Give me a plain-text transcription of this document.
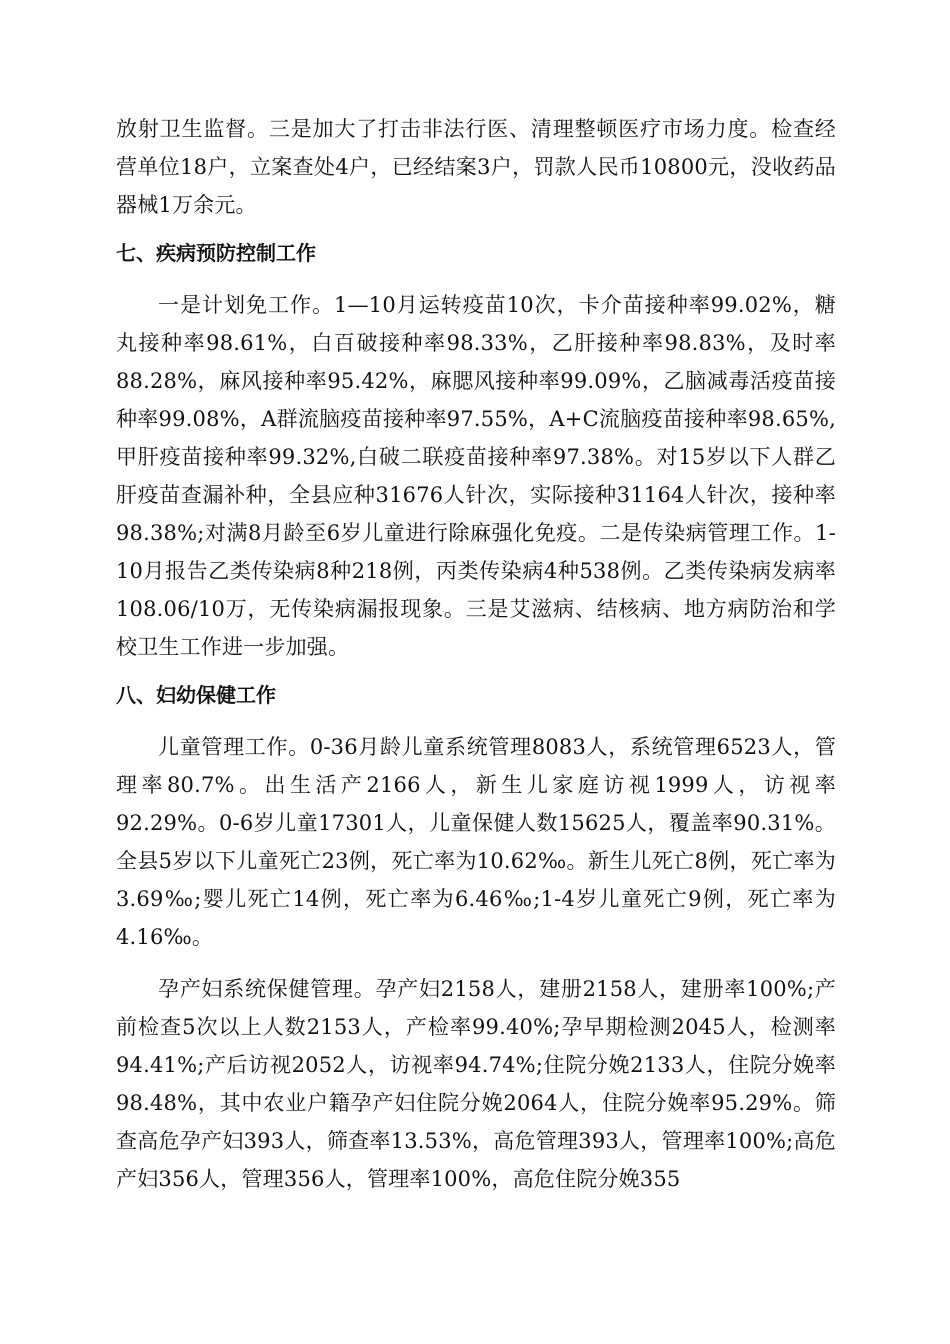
放射卫生监督。三是加大了打击非法行医、清理整顿医疗市场力度。检查经营单位18户，立案查处4户，已经结案3户，罚款人民币10800元，没收药品器械1万余元。

七、疾病预防控制工作

一是计划免工作。1—10月运转疫苗10次，卡介苗接种率99.02%，糖丸接种率98.61%，白百破接种率98.33%，乙肝接种率98.83%，及时率88.28%，麻风接种率95.42%，麻腮风接种率99.09%，乙脑减毒活疫苗接种率99.08%，A群流脑疫苗接种率97.55%，A+C流脑疫苗接种率98.65%,甲肝疫苗接种率99.32%,白破二联疫苗接种率97.38%。对15岁以下人群乙肝疫苗查漏补种，全县应种31676人针次，实际接种31164人针次，接种率98.38%;对满8月龄至6岁儿童进行除麻强化免疫。二是传染病管理工作。1-10月报告乙类传染病8种218例，丙类传染病4种538例。乙类传染病发病率108.06/10万，无传染病漏报现象。三是艾滋病、结核病、地方病防治和学校卫生工作进一步加强。

八、妇幼保健工作

儿童管理工作。0-36月龄儿童系统管理8083人，系统管理6523人，管理率80.7%。出生活产2166人，新生儿家庭访视1999人，访视率92.29%。0-6岁儿童17301人，儿童保健人数15625人，覆盖率90.31%。全县5岁以下儿童死亡23例，死亡率为10.62‰。新生儿死亡8例，死亡率为3.69‰;婴儿死亡14例，死亡率为6.46‰;1-4岁儿童死亡9例，死亡率为4.16‰。

孕产妇系统保健管理。孕产妇2158人，建册2158人，建册率100%;产前检查5次以上人数2153人，产检率99.40%;孕早期检测2045人，检测率94.41%;产后访视2052人，访视率94.74%;住院分娩2133人，住院分娩率98.48%，其中农业户籍孕产妇住院分娩2064人，住院分娩率95.29%。筛查高危孕产妇393人，筛查率13.53%，高危管理393人，管理率100%;高危产妇356人，管理356人，管理率100%，高危住院分娩355
